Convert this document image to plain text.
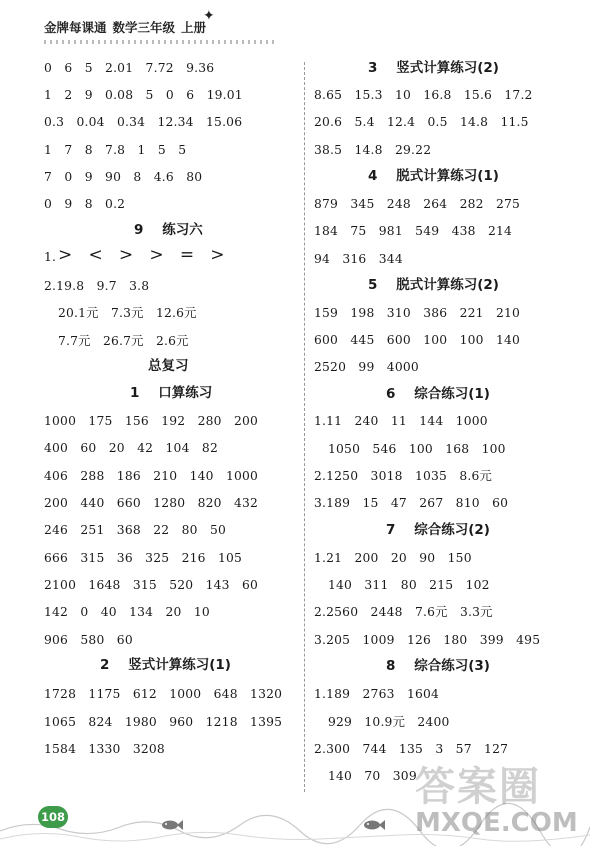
金牌每课通 数学三年级 上册
✦
0   6   5   2.01   7.72   9.36
1   2   9   0.08   5   0   6   19.01
0.3   0.04   0.34   12.34   15.06
1   7   8   7.8   1   5   5
7   0   9   90   8   4.6   80
0   9   8   0.2
9    练习六
1. >   <   >   >   =   >
2.19.8   9.7   3.8
20.1元   7.3元   12.6元
7.7元   26.7元   2.6元
总复习
1    口算练习
1000   175   156   192   280   200
400   60   20   42   104   82
406   288   186   210   140   1000
200   440   660   1280   820   432
246   251   368   22   80   50
666   315   36   325   216   105
2100   1648   315   520   143   60
142   0   40   134   20   10
906   580   60
2    竖式计算练习(1)
1728   1175   612   1000   648   1320
1065   824   1980   960   1218   1395
1584   1330   3208
3    竖式计算练习(2)
8.65   15.3   10   16.8   15.6   17.2
20.6   5.4   12.4   0.5   14.8   11.5
38.5   14.8   29.22
4    脱式计算练习(1)
879   345   248   264   282   275
184   75   981   549   438   214
94   316   344
5    脱式计算练习(2)
159   198   310   386   221   210
600   445   600   100   100   140
2520   99   4000
6    综合练习(1)
1.11   240   11   144   1000
1050   546   100   168   100
2.1250   3018   1035   8.6元
3.189   15   47   267   810   60
7    综合练习(2)
1.21   200   20   90   150
140   311   80   215   102
2.2560   2448   7.6元   3.3元
3.205   1009   126   180   399   495
8    综合练习(3)
1.189   2763   1604
929   10.9元   2400
2.300   744   135   3   57   127
140   70   309
108
答案圈
MXQE.COM
